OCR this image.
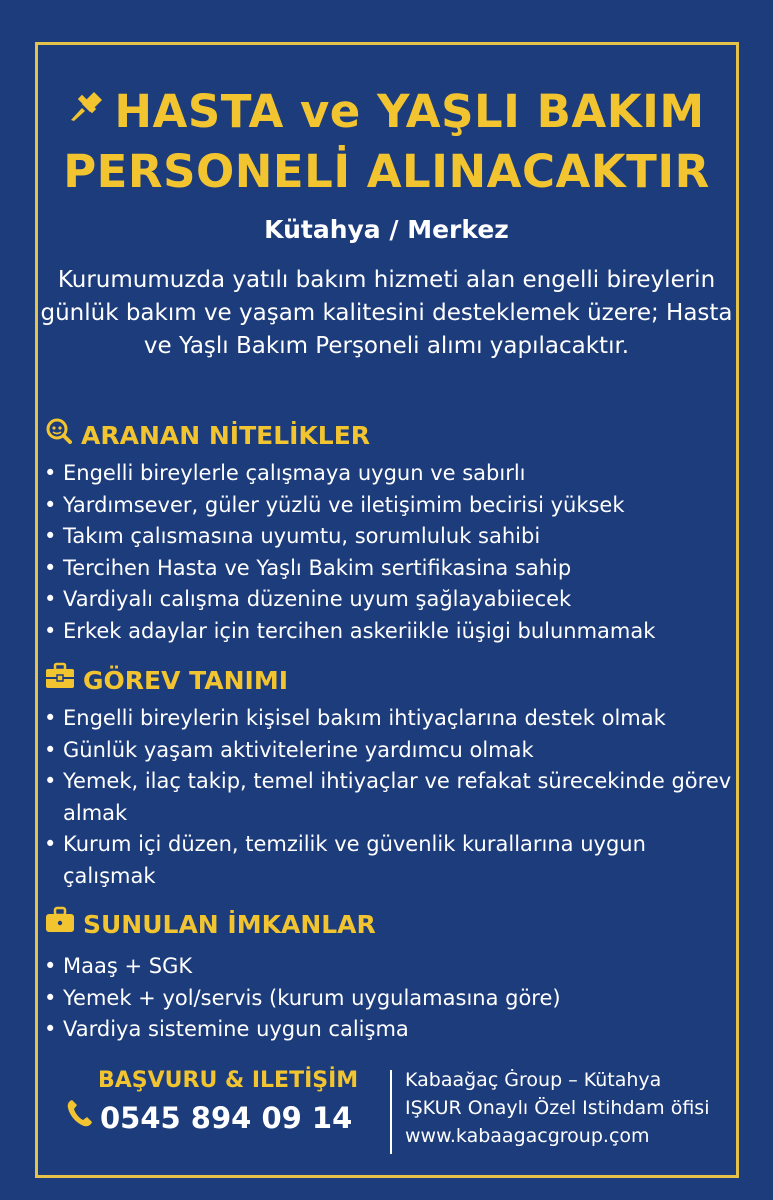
HASTA ve YAŞLI BAKIM
PERSONELİ ALINACAKTIR
Kütahya / Merkez
Kurumumuzda yatılı bakım hizmeti alan engelli bireylerin günlük bakım ve yaşam kalitesini desteklemek üzere; Hasta ve Yaşlı Bakım Perşoneli alımı yapılacaktır.
ARANAN NİTELİKLER
• Engelli bireylerle çalışmaya uygun ve sabırlı
• Yardımsever, güler yüzlü ve iletişimim becirisi yüksek
• Takım çalısmasına uyumtu, sorumluluk sahibi
• Tercihen Hasta ve Yaşlı Bakim sertifikasina sahip
• Vardiyalı calışma düzenine uyum şağlayabiiecek
• Erkek adaylar için tercihen askeriikle iüşigi bulunmamak
GÖREV TANIMI
• Engelli bireylerin kişisel bakım ihtiyaçlarına destek olmak
• Günlük yaşam aktivitelerine yardımcu olmak
• Yemek, ilaç takip, temel ihtiyaçlar ve refakat sürecekinde görev almak
• Kurum içi düzen, temzilik ve güvenlik kurallarına uygun çalışmak
SUNULAN İMKANLAR
• Maaş + SGK
• Yemek + yol/servis (kurum uygulamasına göre)
• Vardiya sistemine uygun calişma
BAŞVURU & ILETİŞİM
0545 894 09 14
Kabaağaç Ġroup – Kütahya
IŞKUR Onaylı Özel Istihdam öfisi
www.kabaagacgroup.çom
